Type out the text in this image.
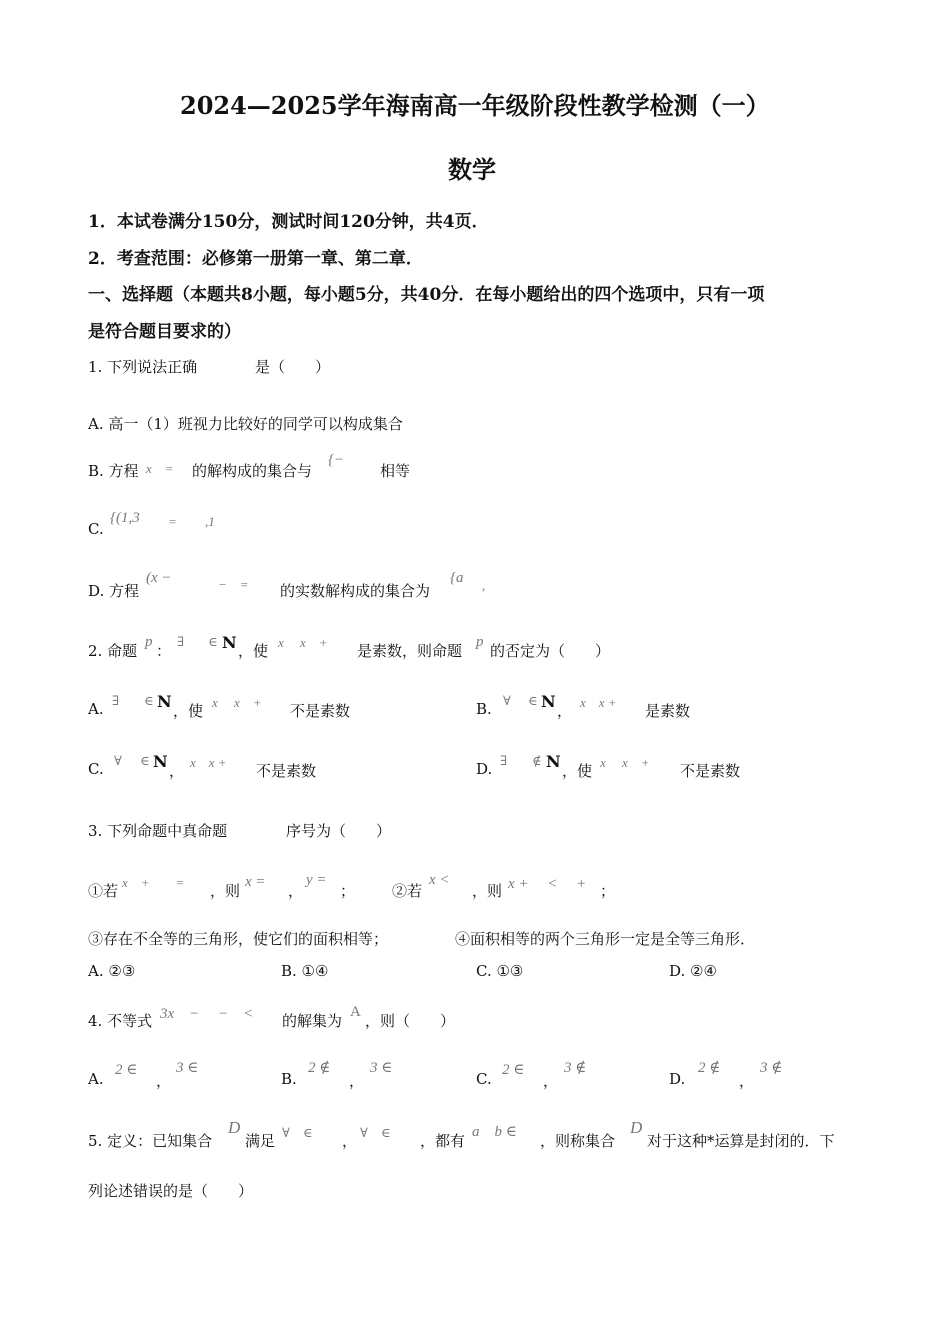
2024—2025学年海南高一年级阶段性教学检测（一）
数学
1．本试卷满分150分，测试时间120分钟，共4页．
2．考查范围：必修第一册第一章、第二章．
一、选择题（本题共8小题，每小题5分，共40分．在每小题给出的四个选项中，只有一项
是符合题目要求的）
1. 下列说法正确	是（　　）
A. 高一（1）班视力比较好的同学可以构成集合
B. 方程 x　= 的解构成的集合与
{−
相等
C.
{(1,3 = ,1
D. 方程
(x −	−　= 的实数解构成的集合为
{a ,
2. 命题 p ：
∃ ∈ N ，使 x　 x　+ 是素数，则命题 p 的否定为（　　）
A. ∃ ∈ N ，使 x　 x　+ 不是素数	B. ∀ ∈ N ， x　x + 是素数
C. ∀ ∈ N ， x　x + 不是素数	D. ∃ ∉ N ，使 x　 x　+ 不是素数
3. 下列命题中真命题	序号为（　　）
①若 x　+　　= ，则 x = ，
y =
； ②若
x <
，则 x +　 <　 + ；
③存在不全等的三角形，使它们的面积相等；	④面积相等的两个三角形一定是全等三角形．
A. ②③	B. ①④	C. ①③	D. ②④
4. 不等式 3x　−　 −　< 的解集为 A ，则（　　）
A. 2 ∈
，
3 ∈
B.
2 ∉
，
3 ∈
C. 2 ∈
，
3 ∉
D.
2 ∉
，
3 ∉
5. 定义：已知集合
D
满足 ∀　∈ ， ∀　∈ ，都有 a　b ∈ ，则称集合
D
对于这种*运算是封闭的．下
列论述错误的是（　　）
